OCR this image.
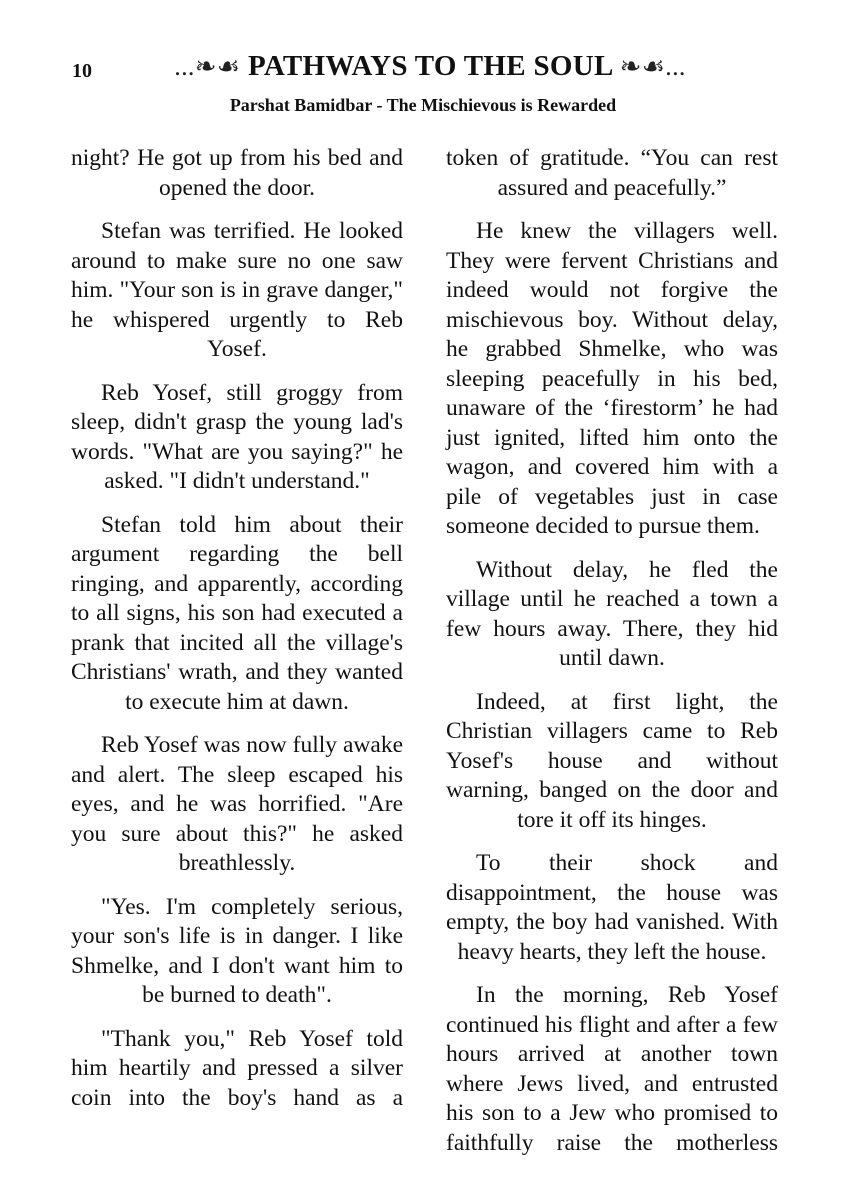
10	...❧☙ PATHWAYS TO THE SOUL ❧☙...
Parshat Bamidbar - The Mischievous is Rewarded

night? He got up from his bed and opened the door.

Stefan was terrified. He looked around to make sure no one saw him. "Your son is in grave danger," he whispered urgently to Reb Yosef.

Reb Yosef, still groggy from sleep, didn't grasp the young lad's words. "What are you saying?" he asked. "I didn't understand."

Stefan told him about their argument regarding the bell ringing, and apparently, according to all signs, his son had executed a prank that incited all the village's Christians' wrath, and they wanted to execute him at dawn.

Reb Yosef was now fully awake and alert. The sleep escaped his eyes, and he was horrified. "Are you sure about this?" he asked breathlessly.

"Yes. I'm completely serious, your son's life is in danger. I like Shmelke, and I don't want him to be burned to death".

"Thank you," Reb Yosef told him heartily and pressed a silver coin into the boy's hand as a

token of gratitude. “You can rest assured and peacefully.”

He knew the villagers well. They were fervent Christians and indeed would not forgive the mischievous boy. Without delay, he grabbed Shmelke, who was sleeping peacefully in his bed, unaware of the ‘firestorm’ he had just ignited, lifted him onto the wagon, and covered him with a pile of vegetables just in case someone decided to pursue them.

Without delay, he fled the village until he reached a town a few hours away. There, they hid until dawn.

Indeed, at first light, the Christian villagers came to Reb Yosef's house and without warning, banged on the door and tore it off its hinges.

To their shock and disappointment, the house was empty, the boy had vanished. With heavy hearts, they left the house.

In the morning, Reb Yosef continued his flight and after a few hours arrived at another town where Jews lived, and entrusted his son to a Jew who promised to faithfully raise the motherless
